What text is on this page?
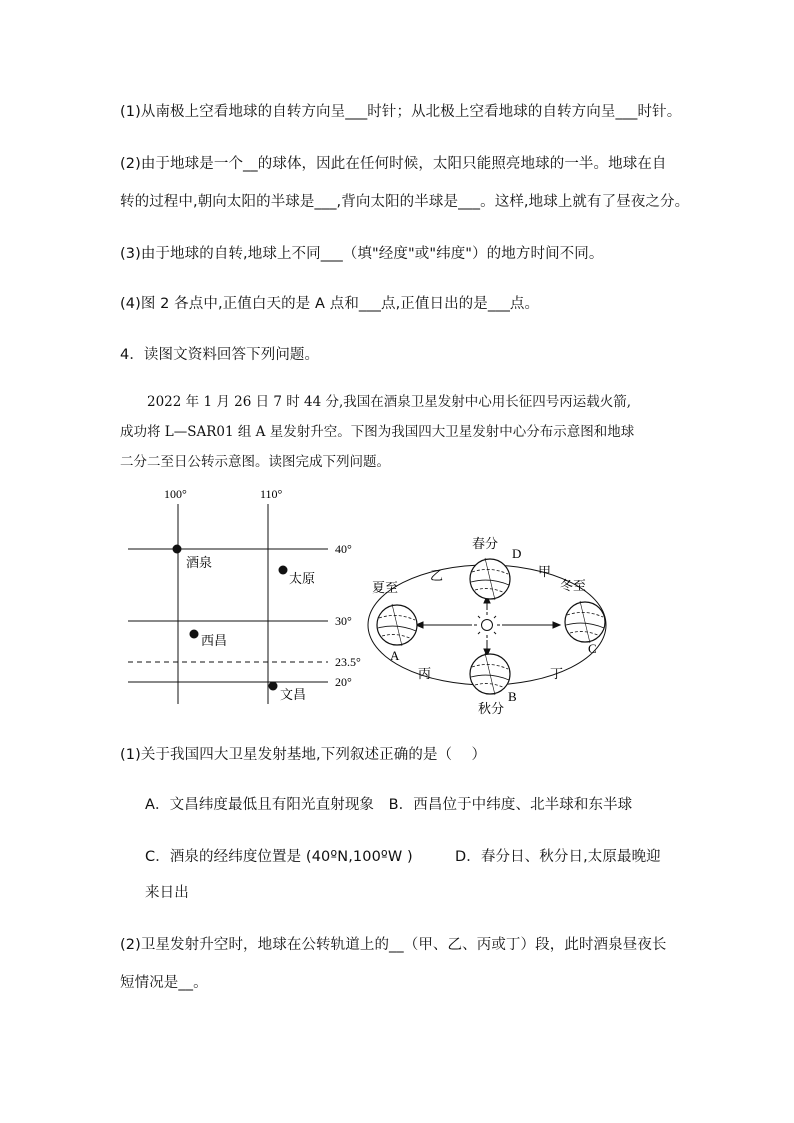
(1)从南极上空看地球的自转方向呈___时针；从北极上空看地球的自转方向呈___时针。
(2)由于地球是一个__的球体，因此在任何时候，太阳只能照亮地球的一半。地球在自
转的过程中,朝向太阳的半球是___,背向太阳的半球是___。这样,地球上就有了昼夜之分。
(3)由于地球的自转,地球上不同___（填"经度"或"纬度"）的地方时间不同。
(4)图 2 各点中,正值白天的是 A 点和___点,正值日出的是___点。
4．读图文资料回答下列问题。
2022 年 1 月 26 日 7 时 44 分,我国在酒泉卫星发射中心用长征四号丙运载火箭,
成功将 L—SAR01 组 A 星发射升空。下图为我国四大卫星发射中心分布示意图和地球
二分二至日公转示意图。读图完成下列问题。
100°	110°
40°
30°
23.5°
20°
酒泉
太原
西昌
文昌
春分
D
夏至
A
冬至
C
秋分
B
甲
乙
丙	丁
(1)关于我国四大卫星发射基地,下列叙述正确的是（　 ）
A．文昌纬度最低且有阳光直射现象　B．西昌位于中纬度、北半球和东半球
C．酒泉的经纬度位置是 (40ºN,100ºW )	D．春分日、秋分日,太原最晚迎
来日出
(2)卫星发射升空时，地球在公转轨道上的__（甲、乙、丙或丁）段，此时酒泉昼夜长
短情况是__。
